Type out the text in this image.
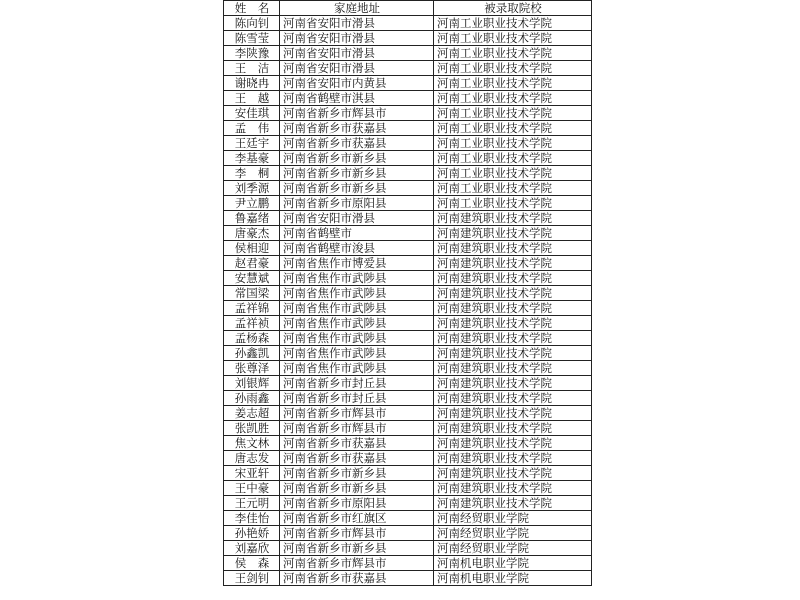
姓　名	家庭地址	被录取院校
陈向钊	河南省安阳市滑县	河南工业职业技术学院
陈雪莹	河南省安阳市滑县	河南工业职业技术学院
李陕豫	河南省安阳市滑县	河南工业职业技术学院
王　洁	河南省安阳市滑县	河南工业职业技术学院
谢晓冉	河南省安阳市内黄县	河南工业职业技术学院
王　越	河南省鹤壁市淇县	河南工业职业技术学院
安佳琪	河南省新乡市辉县市	河南工业职业技术学院
孟　伟	河南省新乡市获嘉县	河南工业职业技术学院
王廷宇	河南省新乡市获嘉县	河南工业职业技术学院
李基豪	河南省新乡市新乡县	河南工业职业技术学院
李　桐	河南省新乡市新乡县	河南工业职业技术学院
刘季源	河南省新乡市新乡县	河南工业职业技术学院
尹立鹏	河南省新乡市原阳县	河南工业职业技术学院
鲁嘉绪	河南省安阳市滑县	河南建筑职业技术学院
唐豪杰	河南省鹤壁市	河南建筑职业技术学院
侯相迎	河南省鹤壁市浚县	河南建筑职业技术学院
赵君豪	河南省焦作市博爱县	河南建筑职业技术学院
安慧斌	河南省焦作市武陟县	河南建筑职业技术学院
常国梁	河南省焦作市武陟县	河南建筑职业技术学院
孟祥锦	河南省焦作市武陟县	河南建筑职业技术学院
孟祥祯	河南省焦作市武陟县	河南建筑职业技术学院
孟杨森	河南省焦作市武陟县	河南建筑职业技术学院
孙鑫凯	河南省焦作市武陟县	河南建筑职业技术学院
张尊泽	河南省焦作市武陟县	河南建筑职业技术学院
刘银辉	河南省新乡市封丘县	河南建筑职业技术学院
孙雨鑫	河南省新乡市封丘县	河南建筑职业技术学院
姜志超	河南省新乡市辉县市	河南建筑职业技术学院
张凯胜	河南省新乡市辉县市	河南建筑职业技术学院
焦文林	河南省新乡市获嘉县	河南建筑职业技术学院
唐志发	河南省新乡市获嘉县	河南建筑职业技术学院
宋亚轩	河南省新乡市新乡县	河南建筑职业技术学院
王中豪	河南省新乡市新乡县	河南建筑职业技术学院
王元明	河南省新乡市原阳县	河南建筑职业技术学院
李佳怡	河南省新乡市红旗区	河南经贸职业学院
孙艳娇	河南省新乡市辉县市	河南经贸职业学院
刘嘉欣	河南省新乡市新乡县	河南经贸职业学院
侯　森	河南省新乡市辉县市	河南机电职业学院
王剑钊	河南省新乡市获嘉县	河南机电职业学院
